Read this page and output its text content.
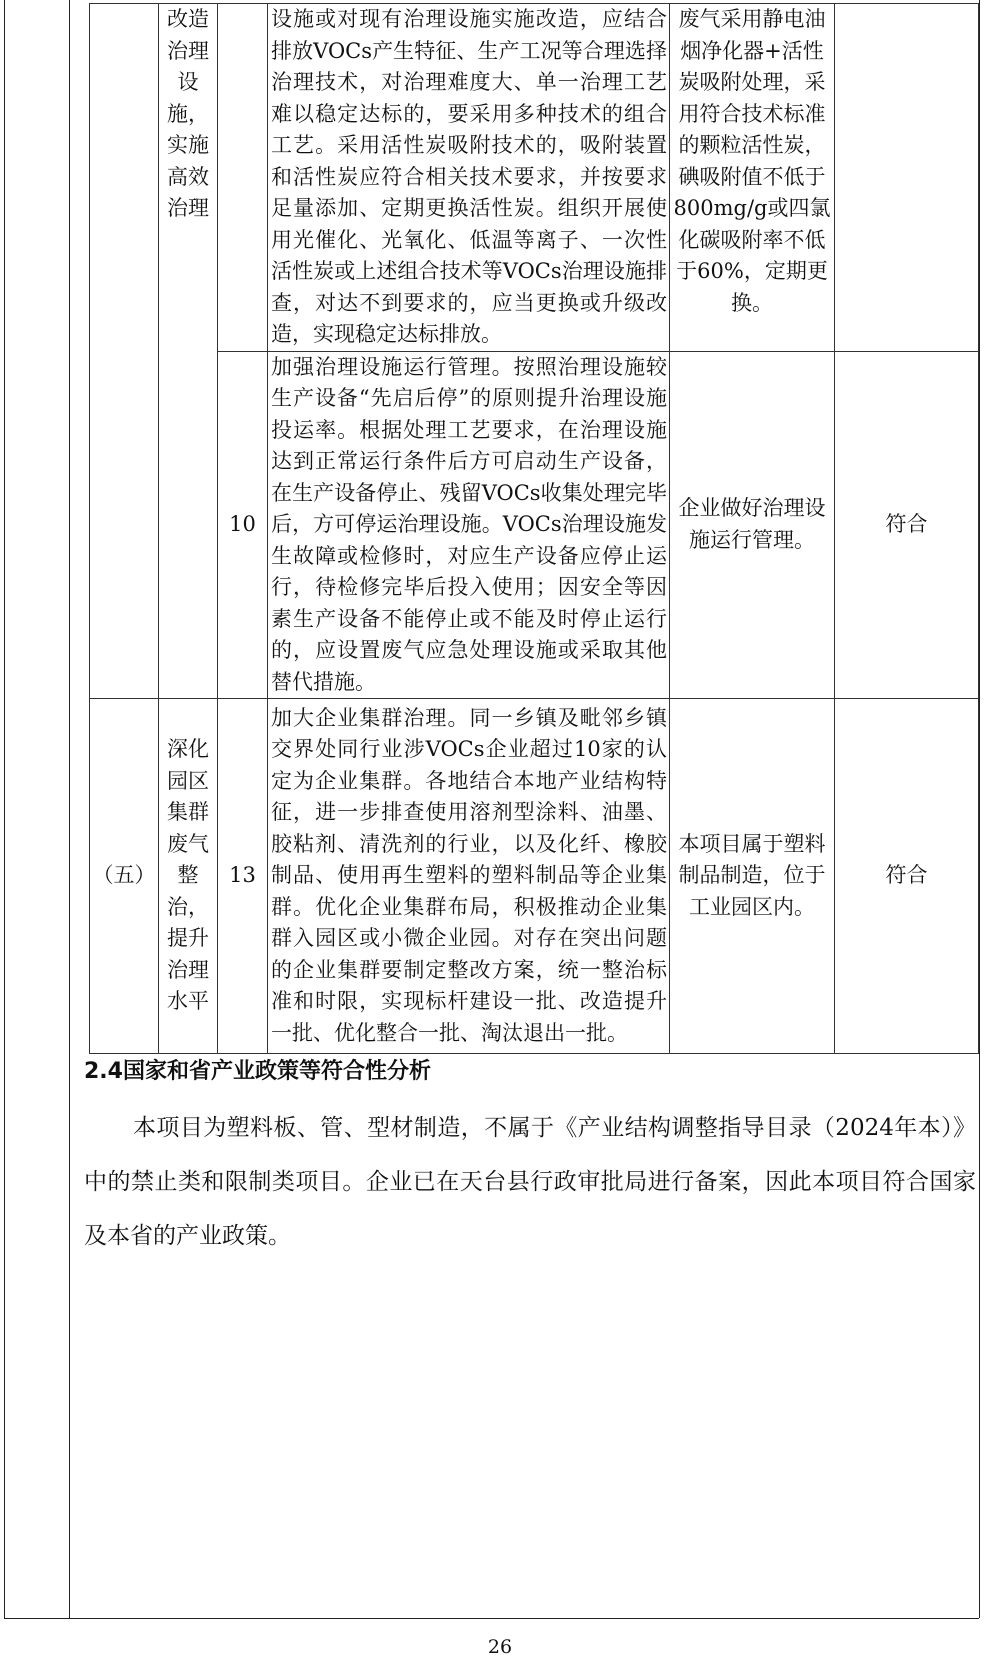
	改造治理设施，实施高效治理		设施或对现有治理设施实施改造，应结合排放VOCs产生特征、生产工况等合理选择治理技术，对治理难度大、单一治理工艺难以稳定达标的，要采用多种技术的组合工艺。采用活性炭吸附技术的，吸附装置和活性炭应符合相关技术要求，并按要求足量添加、定期更换活性炭。组织开展使用光催化、光氧化、低温等离子、一次性活性炭或上述组合技术等VOCs治理设施排查，对达不到要求的，应当更换或升级改造，实现稳定达标排放。	废气采用静电油烟净化器+活性炭吸附处理，采用符合技术标准的颗粒活性炭，碘吸附值不低于800mg/g或四氯化碳吸附率不低于60%，定期更换。	
		10	加强治理设施运行管理。按照治理设施较生产设备“先启后停”的原则提升治理设施投运率。根据处理工艺要求，在治理设施达到正常运行条件后方可启动生产设备，在生产设备停止、残留VOCs收集处理完毕后，方可停运治理设施。VOCs治理设施发生故障或检修时，对应生产设备应停止运行，待检修完毕后投入使用；因安全等因素生产设备不能停止或不能及时停止运行的，应设置废气应急处理设施或采取其他替代措施。	企业做好治理设施运行管理。	符合
（五）	深化园区集群废气整治，提升治理水平	13	加大企业集群治理。同一乡镇及毗邻乡镇交界处同行业涉VOCs企业超过10家的认定为企业集群。各地结合本地产业结构特征，进一步排查使用溶剂型涂料、油墨、胶粘剂、清洗剂的行业，以及化纤、橡胶制品、使用再生塑料的塑料制品等企业集群。优化企业集群布局，积极推动企业集群入园区或小微企业园。对存在突出问题的企业集群要制定整改方案，统一整治标准和时限，实现标杆建设一批、改造提升一批、优化整合一批、淘汰退出一批。	本项目属于塑料制品制造，位于工业园区内。	符合
2.4国家和省产业政策等符合性分析

本项目为塑料板、管、型材制造，不属于《产业结构调整指导目录（2024年本）》中的禁止类和限制类项目。企业已在天台县行政审批局进行备案，因此本项目符合国家及本省的产业政策。

26
